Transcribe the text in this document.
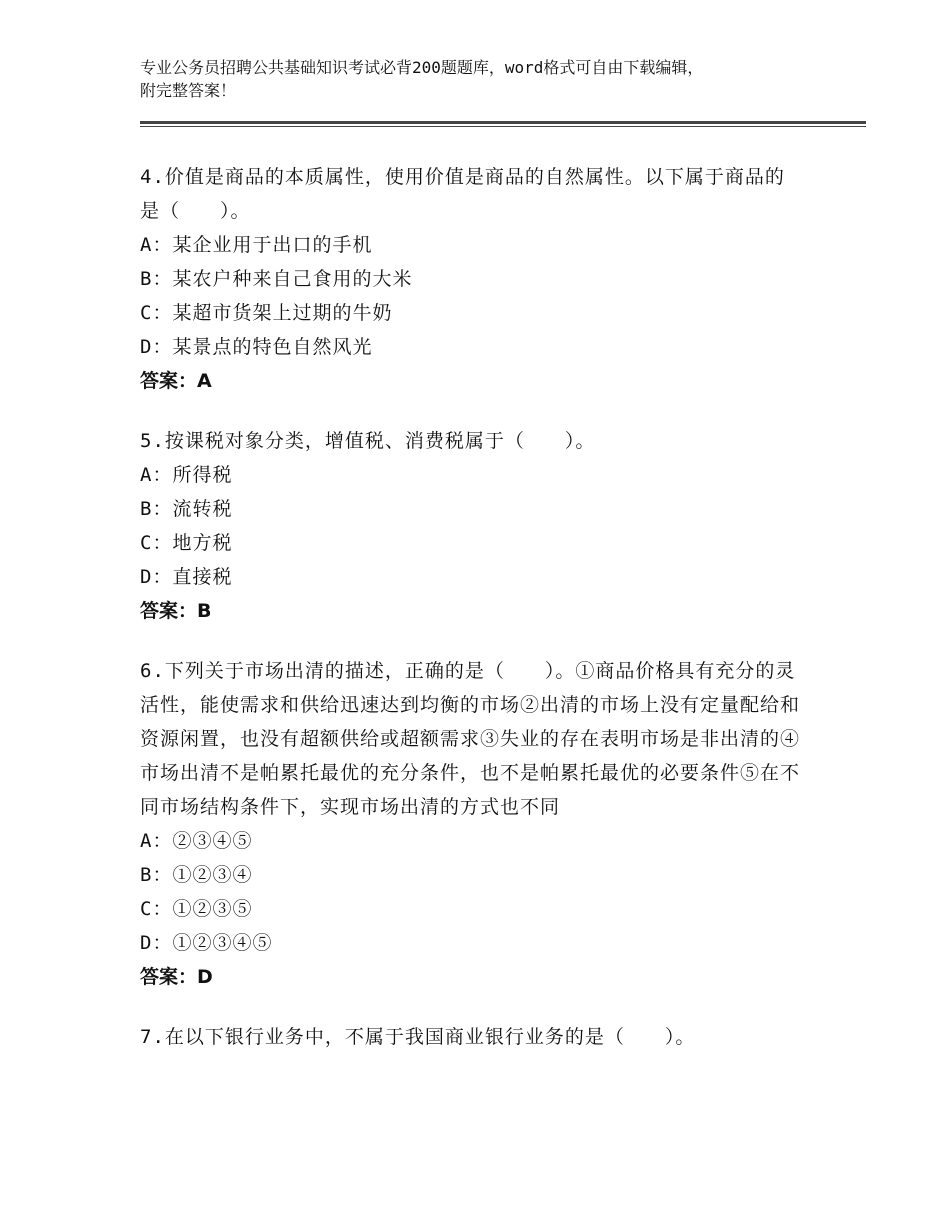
专业公务员招聘公共基础知识考试必背200题题库，word格式可自由下载编辑，
附完整答案！
4.价值是商品的本质属性，使用价值是商品的自然属性。以下属于商品的是（　　）。
A：某企业用于出口的手机
B：某农户种来自己食用的大米
C：某超市货架上过期的牛奶
D：某景点的特色自然风光
答案：A
5.按课税对象分类，增值税、消费税属于（　　）。
A：所得税
B：流转税
C：地方税
D：直接税
答案：B
6.下列关于市场出清的描述，正确的是（　　）。①商品价格具有充分的灵活性，能使需求和供给迅速达到均衡的市场②出清的市场上没有定量配给和资源闲置，也没有超额供给或超额需求③失业的存在表明市场是非出清的④市场出清不是帕累托最优的充分条件，也不是帕累托最优的必要条件⑤在不同市场结构条件下，实现市场出清的方式也不同
A：②③④⑤
B：①②③④
C：①②③⑤
D：①②③④⑤
答案：D
7.在以下银行业务中，不属于我国商业银行业务的是（　　）。
